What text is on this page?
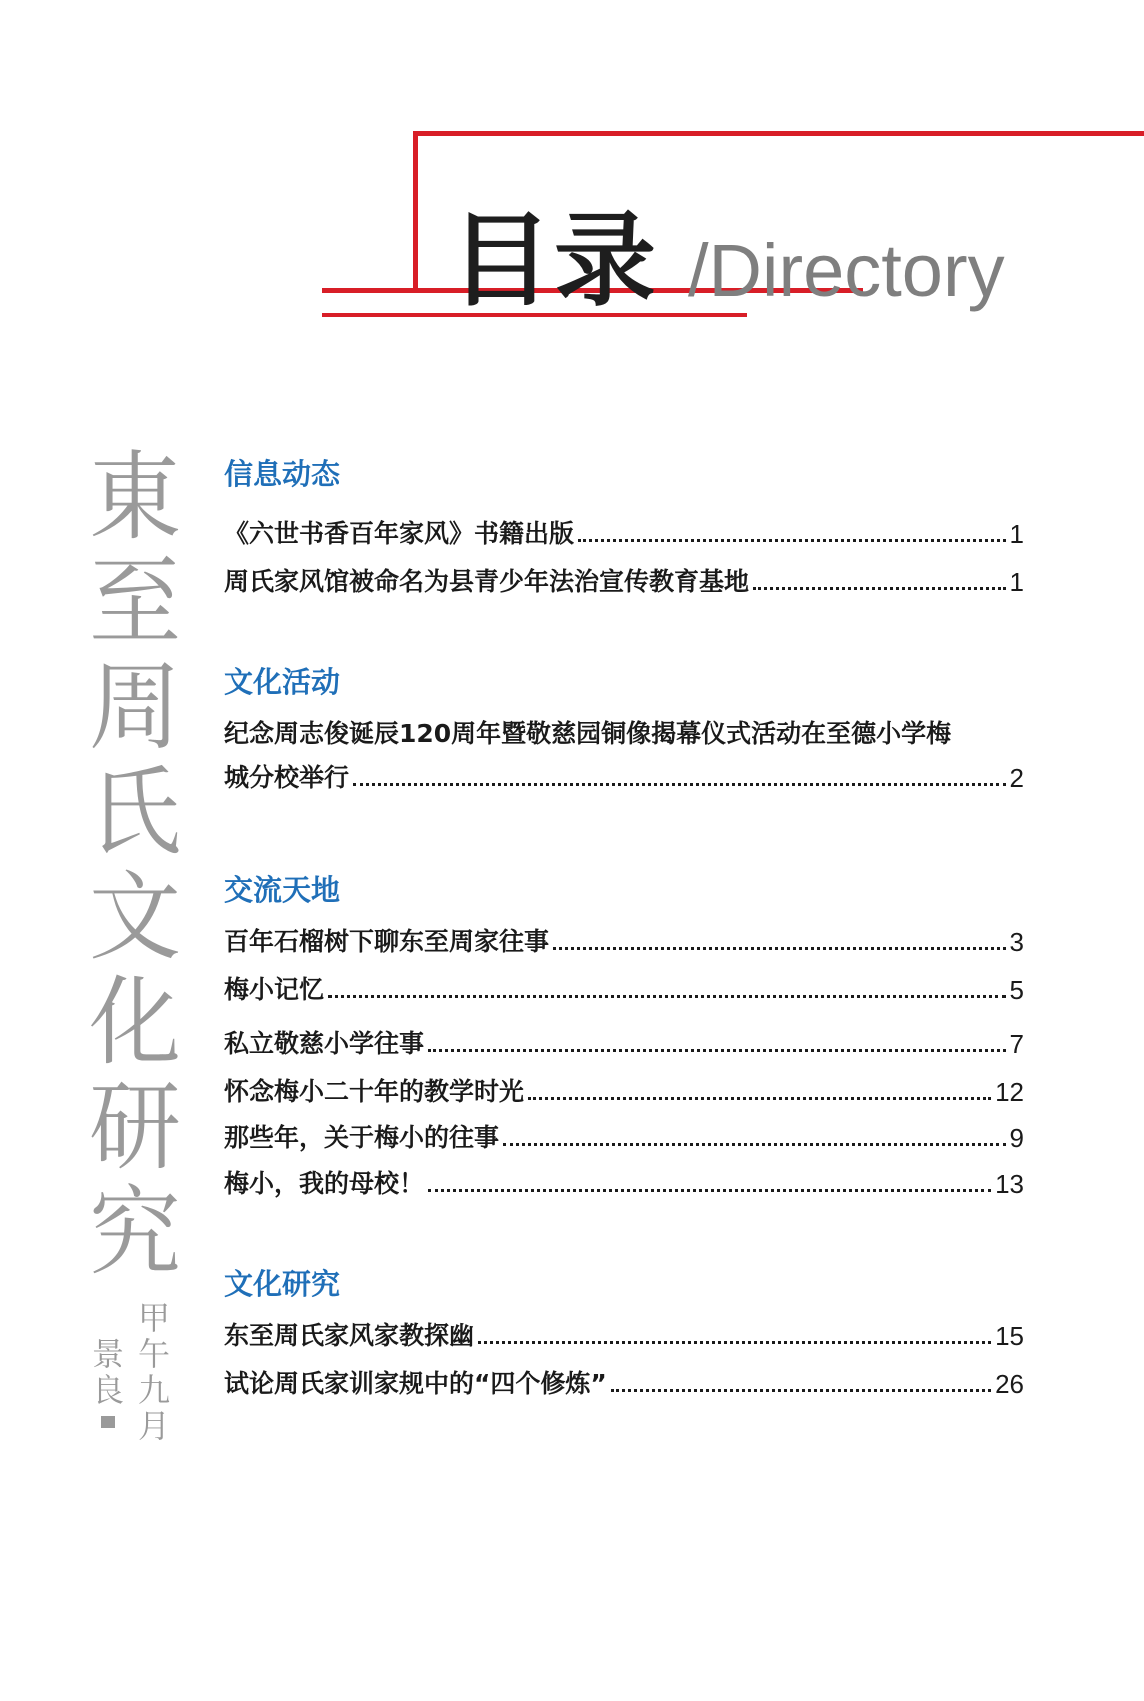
目录 /Directory
東
至
周
氏
文
化
研
究
甲
午
九
月
景
良
信息动态
《六世书香百年家风》书籍出版	1
周氏家风馆被命名为县青少年法治宣传教育基地	1
文化活动
纪念周志俊诞辰120周年暨敬慈园铜像揭幕仪式活动在至德小学梅
城分校举行	2
交流天地
百年石榴树下聊东至周家往事	3
梅小记忆	5
私立敬慈小学往事	7
怀念梅小二十年的教学时光	12
那些年，关于梅小的往事	9
梅小，我的母校！	13
文化研究
东至周氏家风家教探幽	15
试论周氏家训家规中的“四个修炼”	26
